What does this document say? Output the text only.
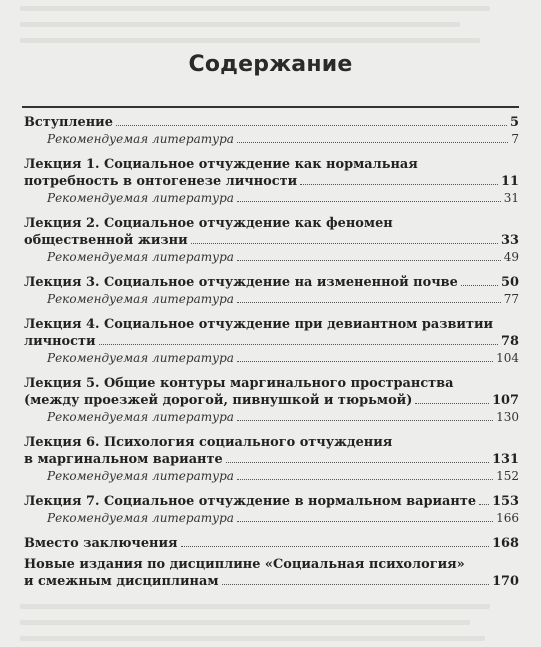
Содержание
Вступление	5
Рекомендуемая литература	7
Лекция 1. Социальное отчуждение как нормальная
потребность в онтогенезе личности	11
Рекомендуемая литература	31
Лекция 2. Социальное отчуждение как феномен
общественной жизни	33
Рекомендуемая литература	49
Лекция 3. Социальное отчуждение на измененной почве	50
Рекомендуемая литература	77
Лекция 4. Социальное отчуждение при девиантном развитии
личности	78
Рекомендуемая литература	104
Лекция 5. Общие контуры маргинального пространства
(между проезжей дорогой, пивнушкой и тюрьмой)	107
Рекомендуемая литература	130
Лекция 6. Психология социального отчуждения
в маргинальном варианте	131
Рекомендуемая литература	152
Лекция 7. Социальное отчуждение в нормальном варианте 153
Рекомендуемая литература	166
Вместо заключения	168
Новые издания по дисциплине «Социальная психология»
и смежным дисциплинам	170
